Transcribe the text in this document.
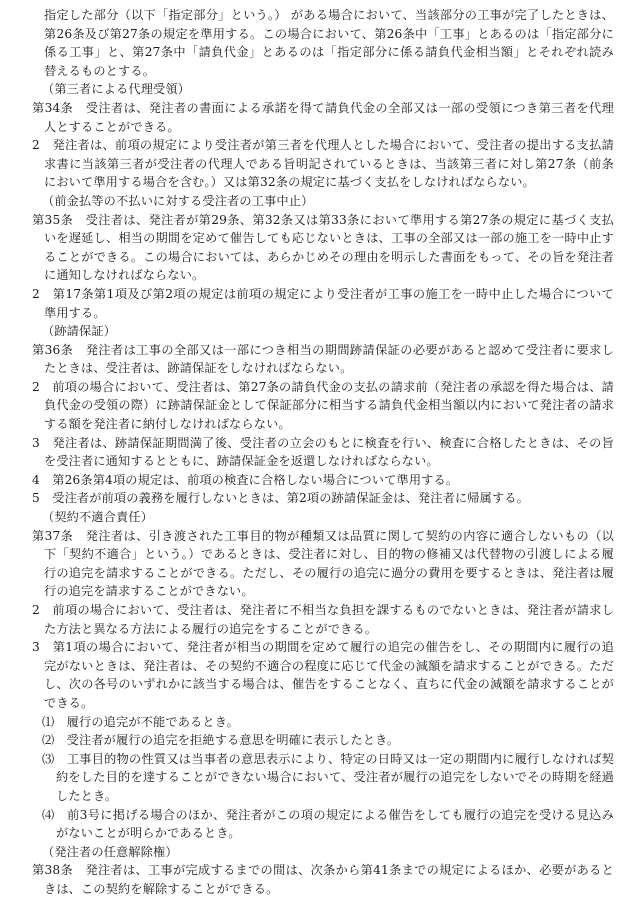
指定した部分（以下「指定部分」という。） がある場合において、当該部分の工事が完了したときは、第26条及び第27条の規定を準用する。この場合において、第26条中「工事」とあるのは「指定部分に係る工事」と、第27条中「請負代金」とあるのは「指定部分に係る請負代金相当額」とそれぞれ読み替えるものとする。

（第三者による代理受領）

第34条　受注者は、発注者の書面による承諾を得て請負代金の全部又は一部の受領につき第三者を代理人とすることができる。

2　発注者は、前項の規定により受注者が第三者を代理人とした場合において、受注者の提出する支払請求書に当該第三者が受注者の代理人である旨明記されているときは、当該第三者に対し第27条（前条において準用する場合を含む。）又は第32条の規定に基づく支払をしなければならない。

（前金払等の不払いに対する受注者の工事中止）

第35条　受注者は、発注者が第29条、第32条又は第33条において準用する第27条の規定に基づく支払いを遅延し、相当の期間を定めて催告しても応じないときは、工事の全部又は一部の施工を一時中止することができる。この場合においては、あらかじめその理由を明示した書面をもって、その旨を発注者に通知しなければならない。

2　第17条第1項及び第2項の規定は前項の規定により受注者が工事の施工を一時中止した場合について準用する。

（跡請保証）

第36条　発注者は工事の全部又は一部につき相当の期間跡請保証の必要があると認めて受注者に要求したときは、受注者は、跡請保証をしなければならない。

2　前項の場合において、受注者は、第27条の請負代金の支払の請求前（発注者の承認を得た場合は、請負代金の受領の際）に跡請保証金として保証部分に相当する請負代金相当額以内において発注者の請求する額を発注者に納付しなければならない。

3　発注者は、跡請保証期間満了後、受注者の立会のもとに検査を行い、検査に合格したときは、その旨を受注者に通知するとともに、跡請保証金を返還しなければならない。

4　第26条第4項の規定は、前項の検査に合格しない場合について準用する。

5　受注者が前項の義務を履行しないときは、第2項の跡請保証金は、発注者に帰属する。

（契約不適合責任）

第37条　発注者は、引き渡された工事目的物が種類又は品質に関して契約の内容に適合しないもの（以下「契約不適合」という。）であるときは、受注者に対し、目的物の修補又は代替物の引渡しによる履行の追完を請求することができる。ただし、その履行の追完に過分の費用を要するときは、発注者は履行の追完を請求することができない。

2　前項の場合において、受注者は、発注者に不相当な負担を課するものでないときは、発注者が請求した方法と異なる方法による履行の追完をすることができる。

3　第1項の場合において、発注者が相当の期間を定めて履行の追完の催告をし、その期間内に履行の追完がないときは、発注者は、その契約不適合の程度に応じて代金の減額を請求することができる。ただし、次の各号のいずれかに該当する場合は、催告をすることなく、直ちに代金の減額を請求することができる。

⑴　履行の追完が不能であるとき。

⑵　受注者が履行の追完を拒絶する意思を明確に表示したとき。

⑶　工事目的物の性質又は当事者の意思表示により、特定の日時又は一定の期間内に履行しなければ契約をした目的を達することができない場合において、受注者が履行の追完をしないでその時期を経過したとき。

⑷　前3号に掲げる場合のほか、発注者がこの項の規定による催告をしても履行の追完を受ける見込みがないことが明らかであるとき。

（発注者の任意解除権）

第38条　発注者は、工事が完成するまでの間は、次条から第41条までの規定によるほか、必要があるときは、この契約を解除することができる。
